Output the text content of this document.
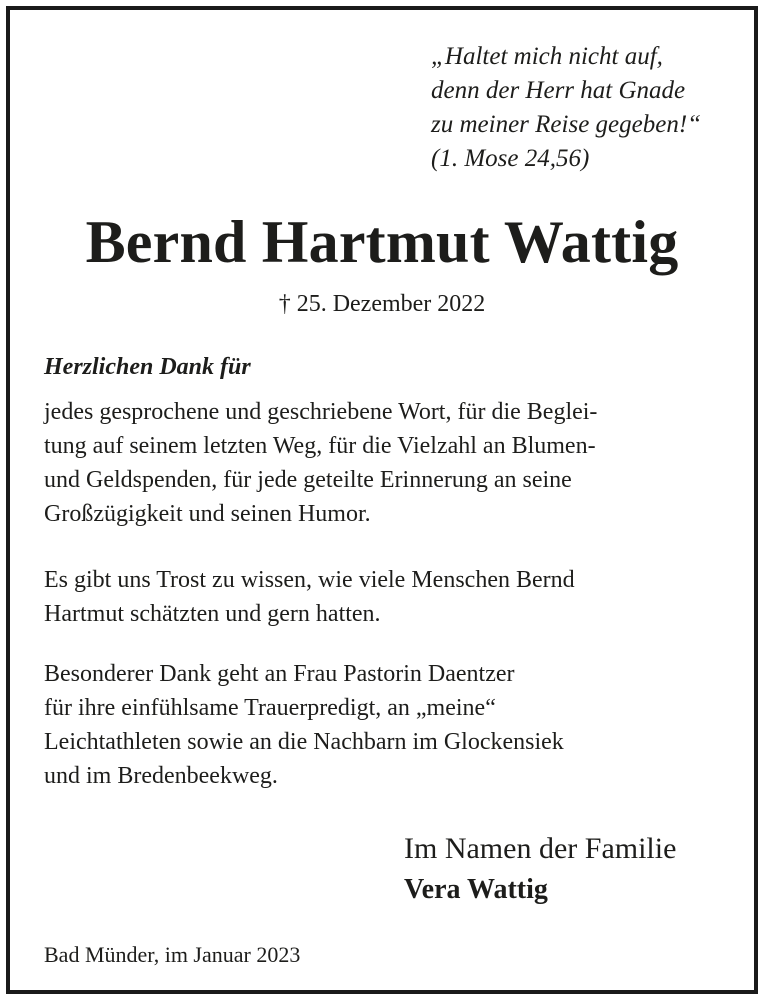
„Haltet mich nicht auf,
denn der Herr hat Gnade
zu meiner Reise gegeben!“
(1. Mose 24,56)
Bernd Hartmut Wattig
† 25. Dezember 2022
Herzlichen Dank für
jedes gesprochene und geschriebene Wort, für die Beglei-
tung auf seinem letzten Weg, für die Vielzahl an Blumen-
und Geldspenden, für jede geteilte Erinnerung an seine
Großzügigkeit und seinen Humor.
Es gibt uns Trost zu wissen, wie viele Menschen Bernd
Hartmut schätzten und gern hatten.
Besonderer Dank geht an Frau Pastorin Daentzer
für ihre einfühlsame Trauerpredigt, an „meine“
Leichtathleten sowie an die Nachbarn im Glockensiek
und im Bredenbeekweg.
Im Namen der Familie
Vera Wattig
Bad Münder, im Januar 2023
